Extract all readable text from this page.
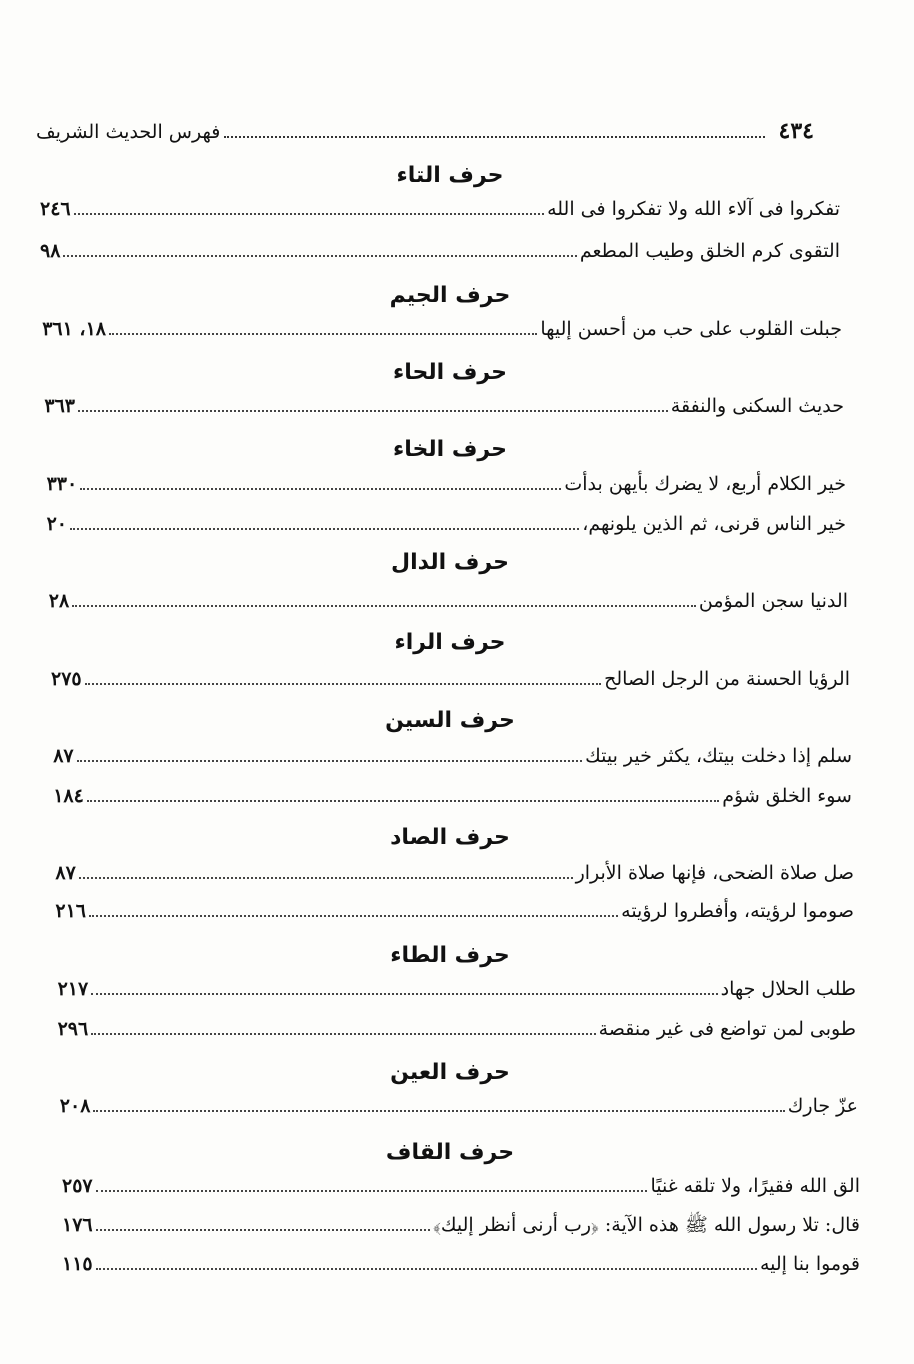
٤٣٤
فهرس الحديث الشريف
حرف التاء
تفكروا فى آلاء الله ولا تفكروا فى الله
٢٤٦
التقوى كرم الخلق وطيب المطعم
٩٨
حرف الجيم
جبلت القلوب على حب من أحسن إليها
١٨، ٣٦١
حرف الحاء
حديث السكنى والنفقة
٣٦٣
حرف الخاء
خير الكلام أربع، لا يضرك بأيهن بدأت
٣٣٠
خير الناس قرنى، ثم الذين يلونهم،
٢٠
حرف الدال
الدنيا سجن المؤمن
٢٨
حرف الراء
الرؤيا الحسنة من الرجل الصالح
٢٧٥
حرف السين
سلم إذا دخلت بيتك، يكثر خير بيتك
٨٧
سوء الخلق شؤم
١٨٤
حرف الصاد
صل صلاة الضحى، فإنها صلاة الأبرار
٨٧
صوموا لرؤيته، وأفطروا لرؤيته
٢١٦
حرف الطاء
طلب الحلال جهاد
٢١٧
طوبى لمن تواضع فى غير منقصة
٢٩٦
حرف العين
عزّ جارك
٢٠٨
حرف القاف
الق الله فقيرًا، ولا تلقه غنيًا
٢٥٧
قال: تلا رسول الله ﷺ هذه الآية: ﴿رب أرنى أنظر إليك﴾
١٧٦
قوموا بنا إليه
١١٥
